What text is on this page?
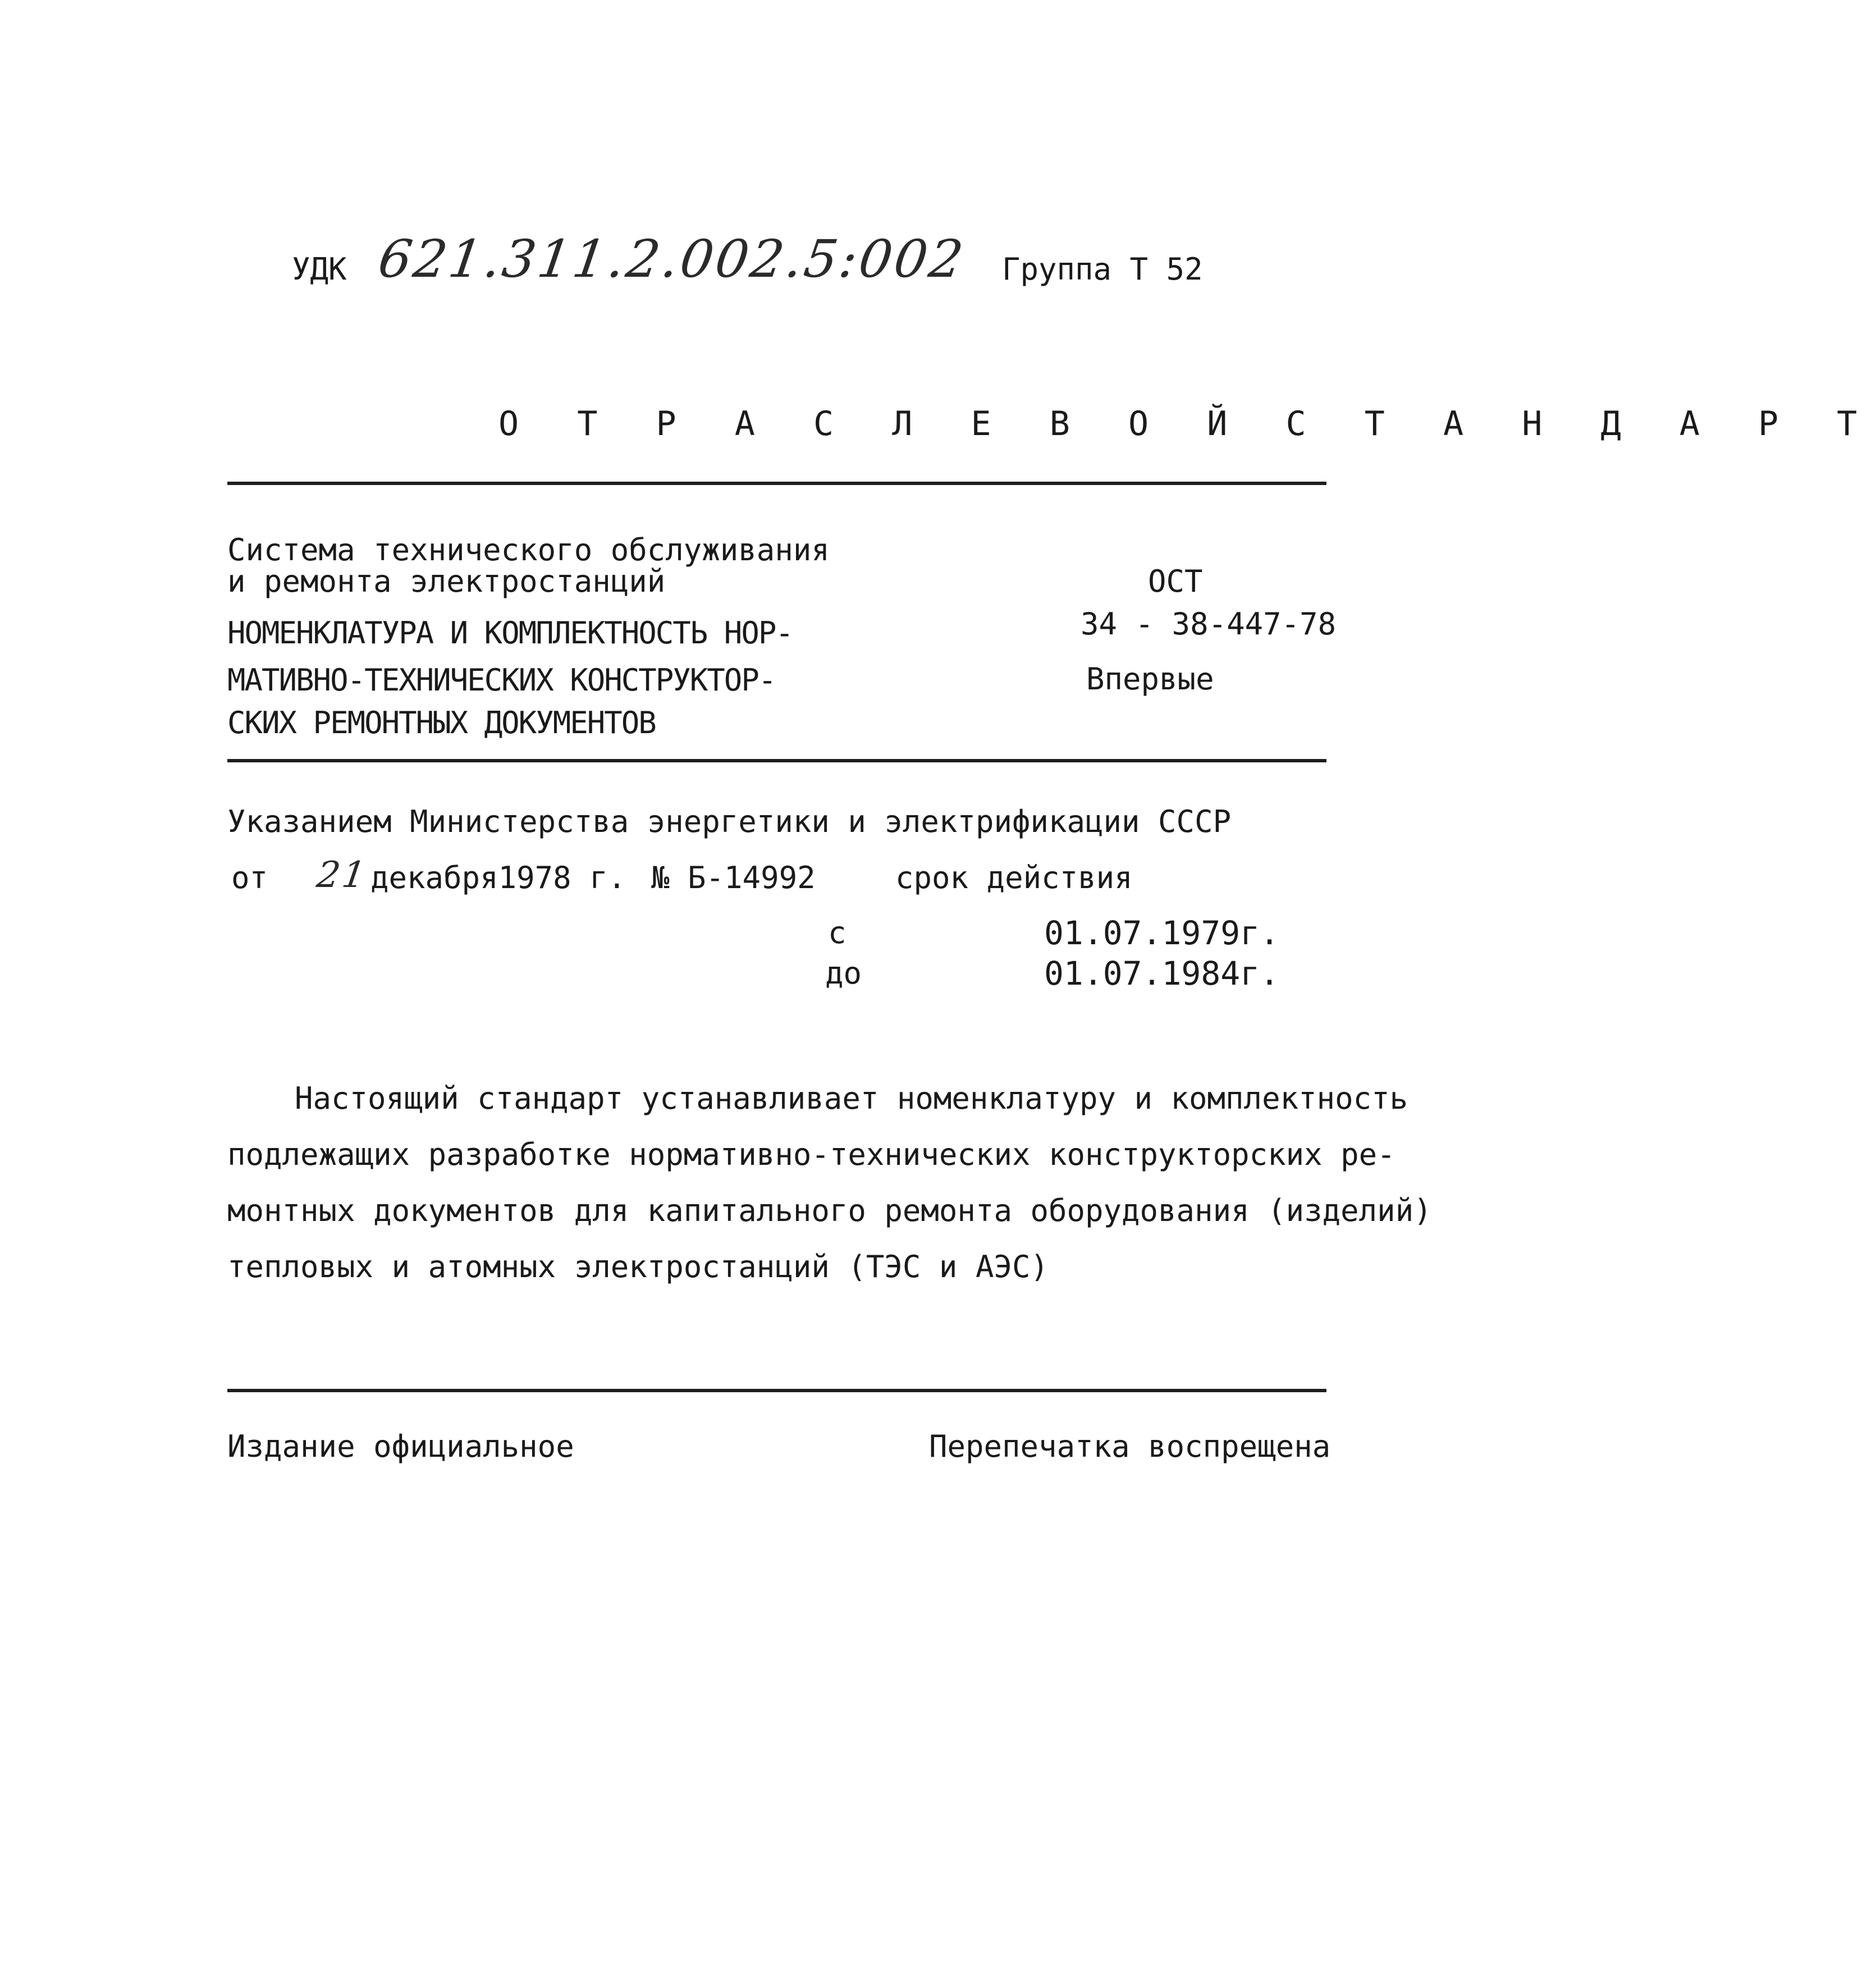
УДК 621.311.2.002.5:002 Группа Т 52
О Т Р А С Л Е В О Й С Т А Н Д А Р Т
Система технического обслуживания
и ремонта электростанций
НОМЕНКЛАТУРА И КОМПЛЕКТНОСТЬ НОР-
МАТИВНО-ТЕХНИЧЕСКИХ КОНСТРУКТОР-
СКИХ РЕМОНТНЫХ ДОКУМЕНТОВ
ОСТ
34 - 38-447-78
Впервые
Указанием Министерства энергетики и электрификации СССР
от 21 декабря1978 г. № Б-14992	срок действия
с	01.07.1979г.
до	01.07.1984г.
Настоящий стандарт устанавливает номенклатуру и комплектность
подлежащих разработке нормативно-технических конструкторских ре-
монтных документов для капитального ремонта оборудования (изделий)
тепловых и атомных электростанций (ТЭС и АЭС)
Издание официальное	Перепечатка воспрещена
